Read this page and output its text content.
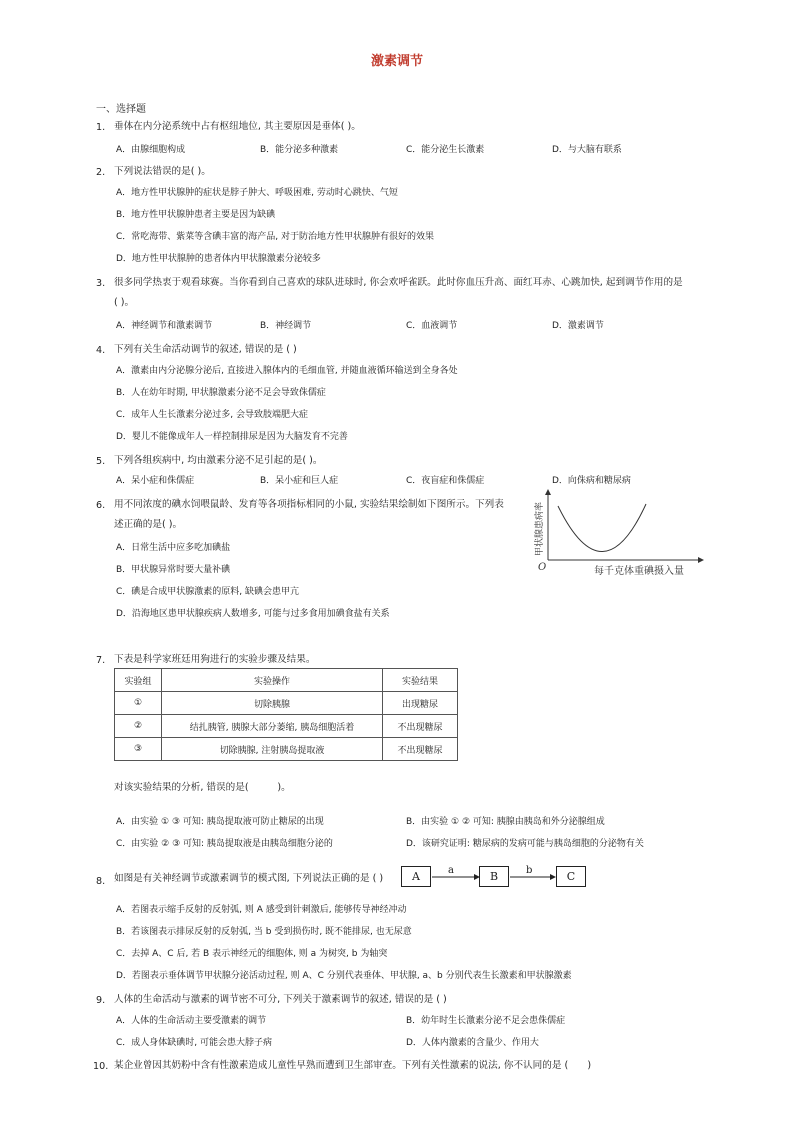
激素调节
一、选择题
1. 垂体在内分泌系统中占有枢纽地位, 其主要原因是垂体( )。
A．由腺细胞构成	B．能分泌多种激素	C．能分泌生长激素	D．与大脑有联系
2. 下列说法错误的是( )。
A．地方性甲状腺肿的症状是脖子肿大、呼吸困难, 劳动时心跳快、气短
B．地方性甲状腺肿患者主要是因为缺碘
C．常吃海带、紫菜等含碘丰富的海产品, 对于防治地方性甲状腺肿有很好的效果
D．地方性甲状腺肿的患者体内甲状腺激素分泌较多
3. 很多同学热衷于观看球赛。当你看到自己喜欢的球队进球时, 你会欢呼雀跃。此时你血压升高、面红耳赤、心跳加快, 起到调节作用的是
( )。
A．神经调节和激素调节	B．神经调节	C．血液调节	D．激素调节
4. 下列有关生命活动调节的叙述, 错误的是 ( )
A．激素由内分泌腺分泌后, 直接进入腺体内的毛细血管, 并随血液循环输送到全身各处
B．人在幼年时期, 甲状腺激素分泌不足会导致侏儒症
C．成年人生长激素分泌过多, 会导致肢端肥大症
D．婴儿不能像成年人一样控制排尿是因为大脑发育不完善
5. 下列各组疾病中, 均由激素分泌不足引起的是( )。
A．呆小症和侏儒症	B．呆小症和巨人症	C．夜盲症和侏儒症	D．向侏病和糖尿病
6. 用不同浓度的碘水饲喂鼠龄、发育等各项指标相同的小鼠, 实验结果绘制如下图所示。下列表
述正确的是( )。
A．日常生活中应多吃加碘盐
B．甲状腺异常时要大量补碘
C．碘是合成甲状腺激素的原料, 缺碘会患甲亢
D．沿海地区患甲状腺疾病人数增多, 可能与过多食用加碘食盐有关系
O	每千克体重碘摄入量
甲状腺患病率
7. 下表是科学家班廷用狗进行的实验步骤及结果。
实验组	实验操作	实验结果
①	切除胰腺	出现糖尿
②	结扎胰管, 胰腺大部分萎缩, 胰岛细胞活着	不出现糖尿
③	切除胰腺, 注射胰岛提取液	不出现糖尿
对该实验结果的分析, 错误的是(　　　)。
A．由实验 ① ③ 可知: 胰岛提取液可防止糖尿的出现	B．由实验 ① ② 可知: 胰腺由胰岛和外分泌腺组成
C．由实验 ② ③ 可知: 胰岛提取液是由胰岛细胞分泌的	D．该研究证明: 糖尿病的发病可能与胰岛细胞的分泌物有关
8. 如图是有关神经调节或激素调节的模式图, 下列说法正确的是 ( )	A	B	C
a	b
A．若图表示缩手反射的反射弧, 则 A 感受到针刺激后, 能够传导神经冲动
B．若该图表示排尿反射的反射弧, 当 b 受到损伤时, 既不能排尿, 也无尿意
C．去掉 A、C 后, 若 B 表示神经元的细胞体, 则 a 为树突, b 为轴突
D．若图表示垂体调节甲状腺分泌活动过程, 则 A、C 分别代表垂体、甲状腺, a、b 分别代表生长激素和甲状腺激素
9. 人体的生命活动与激素的调节密不可分, 下列关于激素调节的叙述, 错误的是 ( )
A．人体的生命活动主要受激素的调节	B．幼年时生长激素分泌不足会患侏儒症
C．成人身体缺碘时, 可能会患大脖子病	D．人体内激素的含量少、作用大
10. 某企业曾因其奶粉中含有性激素造成儿童性早熟而遭到卫生部审查。下列有关性激素的说法, 你不认同的是 (　　)
